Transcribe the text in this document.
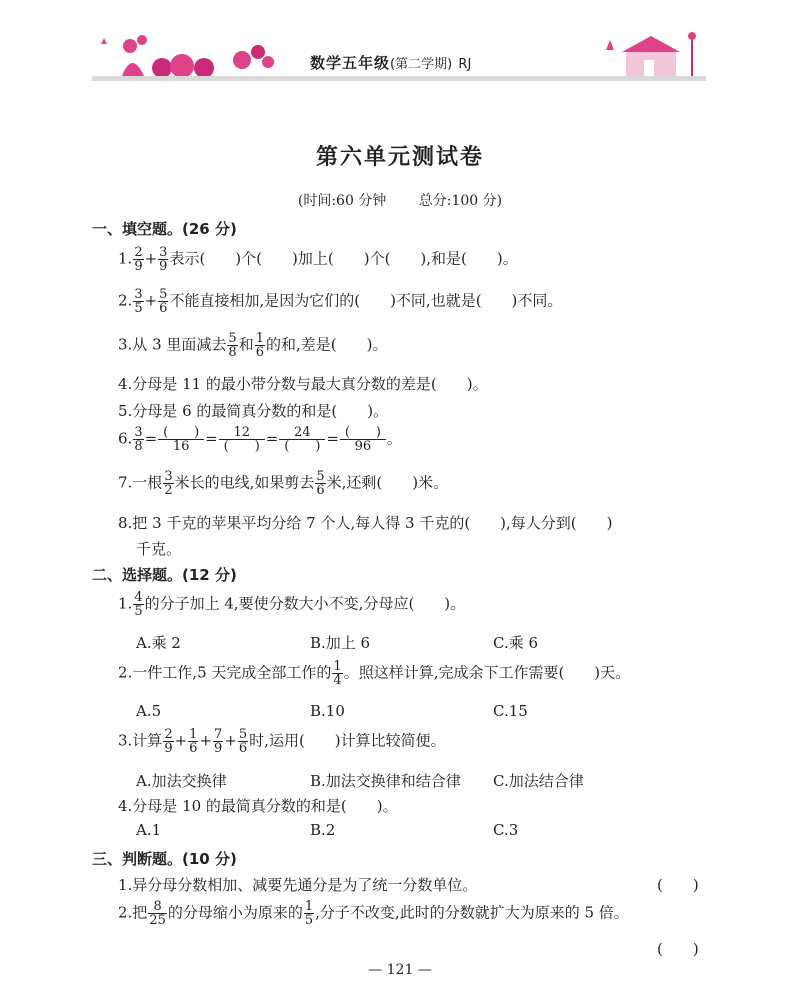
数学五年级(第二学期) RJ
第六单元测试卷
(时间:60 分钟 总分:100 分)
一、填空题。(26 分)
1. $\frac{2}{9} + \frac{3}{9}$ 表示(　　)个(　　)加上(　　)个(　　),和是(　　)。
2. $\frac{3}{5} + \frac{5}{6}$ 不能直接相加,是因为它们的(　　)不同,也就是(　　)不同。
3.从 3 里面减去 $\frac{5}{8}$ 和 $\frac{1}{6}$ 的和,差是(　　)。
4.分母是 11 的最小带分数与最大真分数的差是(　　)。
5.分母是 6 的最简真分数的和是(　　)。
6. $\frac{3}{8} = \frac{( )}{16} = \frac{12}{( )} = \frac{24}{( )} = \frac{( )}{96}$ 。
7.一根 $\frac{3}{2}$ 米长的电线,如果剪去 $\frac{5}{6}$ 米,还剩(　　)米。
8.把 3 千克的苹果平均分给 7 个人,每人得 3 千克的(　　),每人分到(　　)
千克。
二、选择题。(12 分)
1. $\frac{4}{5}$ 的分子加上 4,要使分数大小不变,分母应(　　)。
A.乘 2	B.加上 6	C.乘 6
2.一件工作,5 天完成全部工作的 $\frac{1}{4}$ 。照这样计算,完成余下工作需要(　　)天。
A.5	B.10	C.15
3.计算 $\frac{2}{9} + \frac{1}{6} + \frac{7}{9} + \frac{5}{6}$ 时,运用(　　)计算比较简便。
A.加法交换律	B.加法交换律和结合律 C.加法结合律
4.分母是 10 的最简真分数的和是(　　)。
A.1	B.2	C.3
三、判断题。(10 分)
1.异分母分数相加、减要先通分是为了统一分数单位。	(　　)
2.把 $\frac{8}{25}$ 的分母缩小为原来的 $\frac{1}{5}$ ,分子不改变,此时的分数就扩大为原来的 5 倍。
(　　)
— 121 —
